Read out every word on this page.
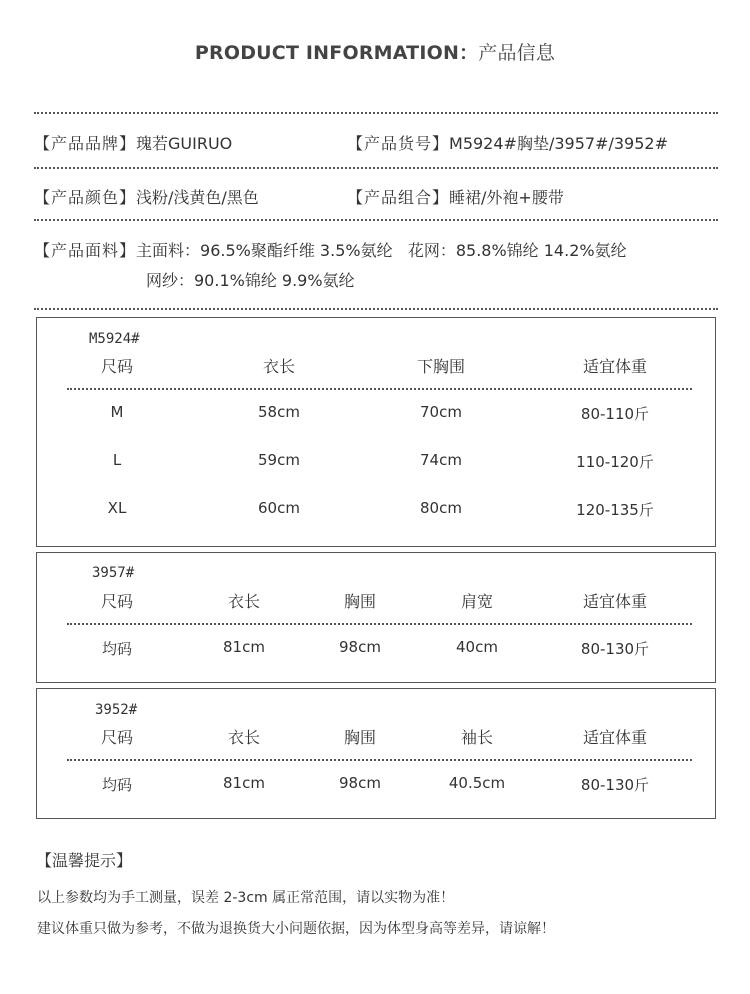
PRODUCT INFORMATION：产品信息
【产品品牌】瑰若GUIRUO	【产品货号】M5924#胸垫/3957#/3952#
【产品颜色】浅粉/浅黄色/黑色	【产品组合】睡裙/外袍+腰带
【产品面料】主面料：96.5%聚酯纤维 3.5%氨纶   花网：85.8%锦纶 14.2%氨纶
网纱：90.1%锦纶 9.9%氨纶
M5924#
尺码	衣长	下胸围	适宜体重
M	58cm	70cm	80-110斤
L	59cm	74cm	110-120斤
XL	60cm	80cm	120-135斤
3957#
尺码	衣长	胸围	肩宽	适宜体重
均码	81cm	98cm	40cm	80-130斤
3952#
尺码	衣长	胸围	袖长	适宜体重
均码	81cm	98cm	40.5cm	80-130斤
【温馨提示】
以上参数均为手工测量，误差 2-3cm 属正常范围，请以实物为准！
建议体重只做为参考，不做为退换货大小问题依据，因为体型身高等差异，请谅解！
